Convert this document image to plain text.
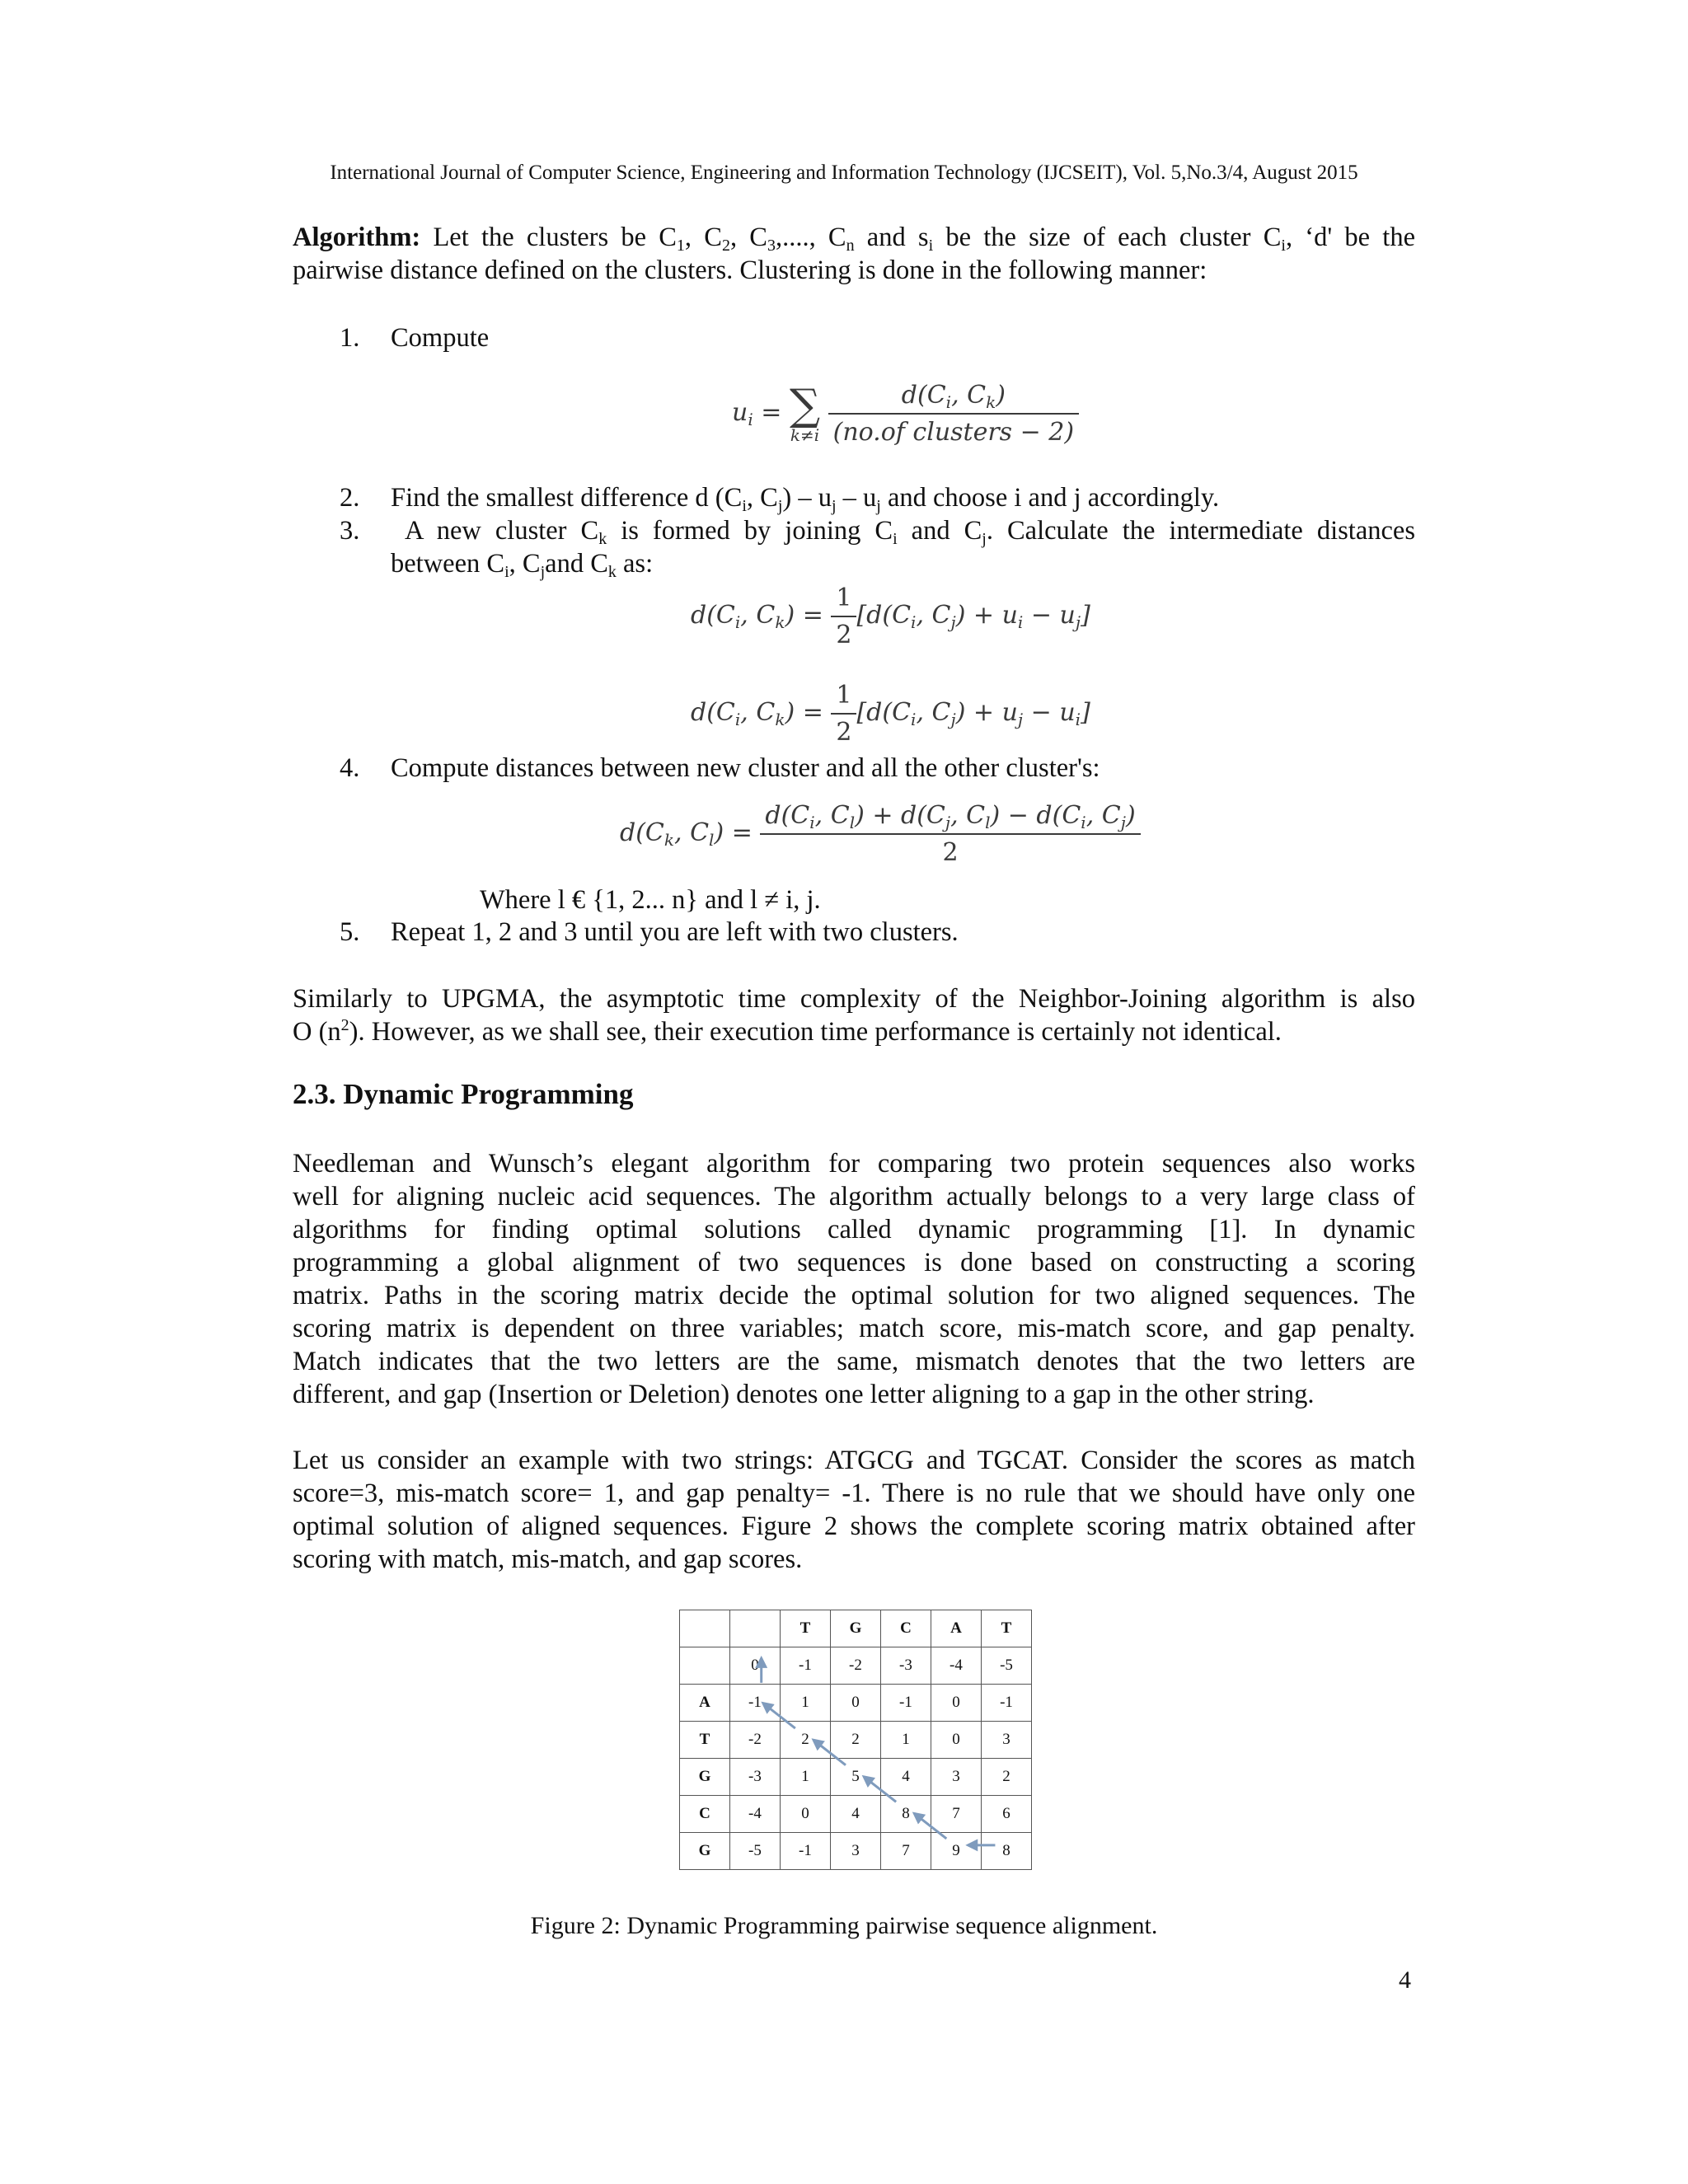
International Journal of Computer Science, Engineering and Information Technology (IJCSEIT), Vol. 5,No.3/4, August 2015
Algorithm: Let the clusters be $C_1$, $C_2$, $C_3$,...., $C_n$ and $s_i$ be the size of each cluster $C_i$, ‘d' be the
pairwise distance defined on the clusters. Clustering is done in the following manner:
1.	Compute
$u_i$ = ∑
k≠i
$\frac{d(C_i, C_k)}{\text{(no.of clusters − 2)}}$
2.	Find the smallest difference d ($C_i$, $C_j) - u_j - u_j$ and choose i and j accordingly.
3.	A new cluster $C_k$ is formed by joining $C_i$ and $C_j$. Calculate the intermediate distances
between $C_i$, $C_jand$ $C_k$ as:
$d(C_i$, $C_k) = \frac{1}{2} [d(C_i$, $C_j) + u_i - u_j$]
$d(C_i$, $C_k) = \frac{1}{2} [d(C_i$, $C_j) + u_j - u_i$]
4.	Compute distances between new cluster and all the other cluster's:
$d(C_k$, $C_l) = \frac{d(C_i, C_l) + d(C_j, C_l) - d(C_i, C_j)}{2}$
Where l € {1, 2... n} and l ≠ i, j.
5.	Repeat 1, 2 and 3 until you are left with two clusters.
Similarly to UPGMA, the asymptotic time complexity of the Neighbor-Joining algorithm is also
O $(n^2)$. However, as we shall see, their execution time performance is certainly not identical.
2.3. Dynamic Programming
Needleman and Wunsch’s elegant algorithm for comparing two protein sequences also works
well for aligning nucleic acid sequences. The algorithm actually belongs to a very large class of
algorithms for finding optimal solutions called dynamic programming [1]. In dynamic
programming a global alignment of two sequences is done based on constructing a scoring
matrix. Paths in the scoring matrix decide the optimal solution for two aligned sequences. The
scoring matrix is dependent on three variables; match score, mis-match score, and gap penalty.
Match indicates that the two letters are the same, mismatch denotes that the two letters are
different, and gap (Insertion or Deletion) denotes one letter aligning to a gap in the other string.
Let us consider an example with two strings: ATGCG and TGCAT. Consider the scores as match
score=3, mis-match score= 1, and gap penalty= -1. There is no rule that we should have only one
optimal solution of aligned sequences. Figure 2 shows the complete scoring matrix obtained after
scoring with match, mis-match, and gap scores.
		T	G	C	A	T
	0	-1	-2	-3	-4	-5
A	-1	1	0	-1	0	-1
T	-2	2	2	1	0	3
G	-3	1	5	4	3	2
C	-4	0	4	8	7	6
G	-5	-1	3	7	9	8
Figure 2: Dynamic Programming pairwise sequence alignment.
4
